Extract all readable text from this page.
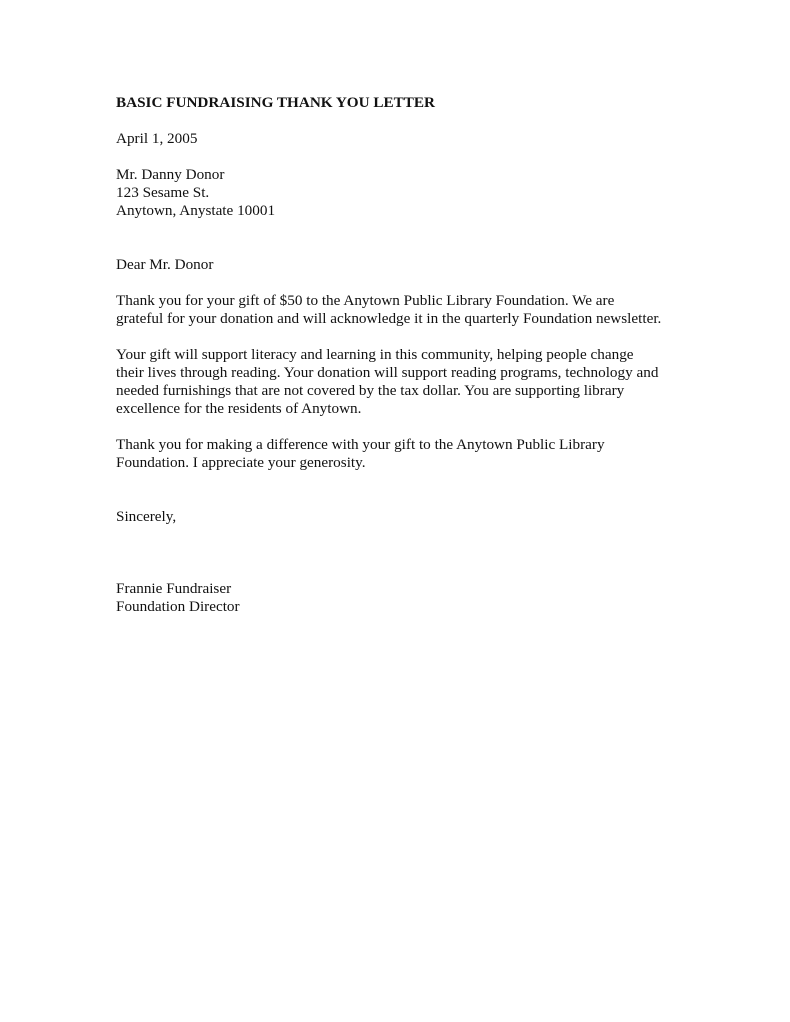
BASIC FUNDRAISING THANK YOU LETTER

April 1, 2005

Mr. Danny Donor
123 Sesame St.
Anytown, Anystate 10001

Dear Mr. Donor

Thank you for your gift of $50 to the Anytown Public Library Foundation. We are
grateful for your donation and will acknowledge it in the quarterly Foundation newsletter.
Your gift will support literacy and learning in this community, helping people change
their lives through reading. Your donation will support reading programs, technology and
needed furnishings that are not covered by the tax dollar. You are supporting library
excellence for the residents of Anytown.
Thank you for making a difference with your gift to the Anytown Public Library
Foundation. I appreciate your generosity.

Sincerely,

Frannie Fundraiser
Foundation Director
